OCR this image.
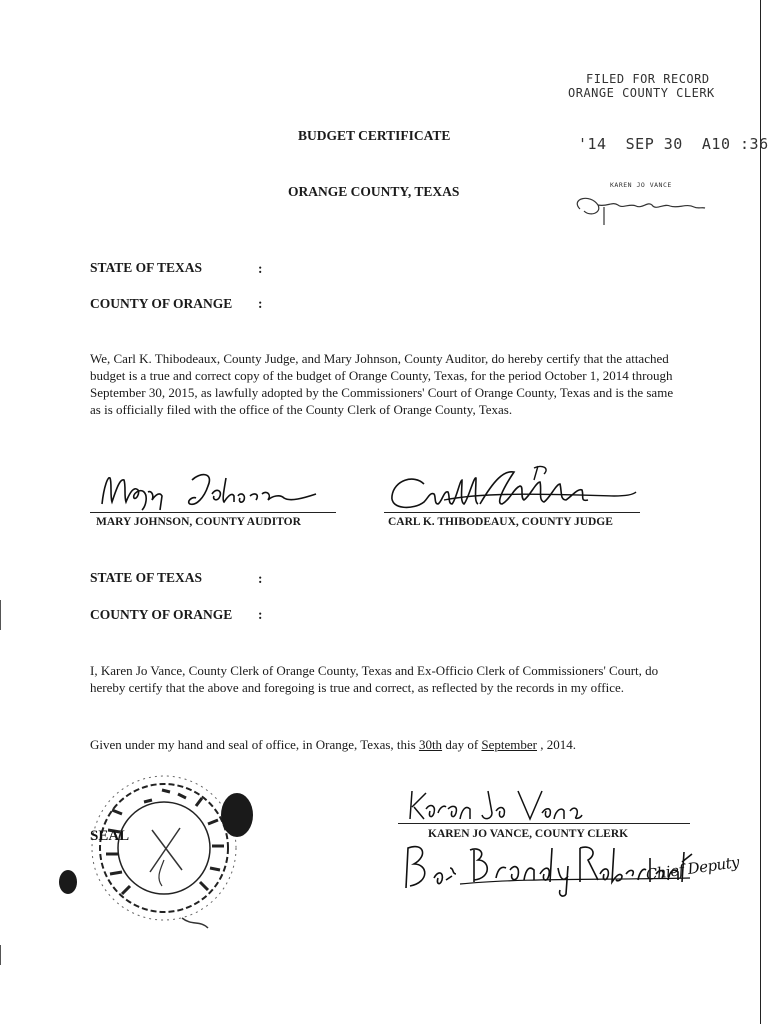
FILED FOR RECORD
ORANGE COUNTY CLERK
'14  SEP 30  A10 :36
KAREN JO VANCE
BUDGET CERTIFICATE
ORANGE COUNTY, TEXAS
STATE OF TEXAS	:
COUNTY OF ORANGE :
We, Carl K. Thibodeaux, County Judge, and Mary Johnson, County Auditor, do hereby certify that the attached budget is a true and correct copy of the budget of Orange County, Texas, for the period October 1, 2014 through September 30, 2015, as lawfully adopted by the Commissioners' Court of Orange County, Texas and is the same as is officially filed with the office of the County Clerk of Orange County, Texas.
MARY JOHNSON, COUNTY AUDITOR	CARL K. THIBODEAUX, COUNTY JUDGE
STATE OF TEXAS	:
COUNTY OF ORANGE :
I, Karen Jo Vance, County Clerk of Orange County, Texas and Ex-Officio Clerk of Commissioners' Court, do hereby certify that the above and foregoing is true and correct, as reflected by the records in my office.
Given under my hand and seal of office, in Orange, Texas, this 30th day of September , 2014.
SEAL	KAREN JO VANCE, COUNTY CLERK
Chief Deputy
